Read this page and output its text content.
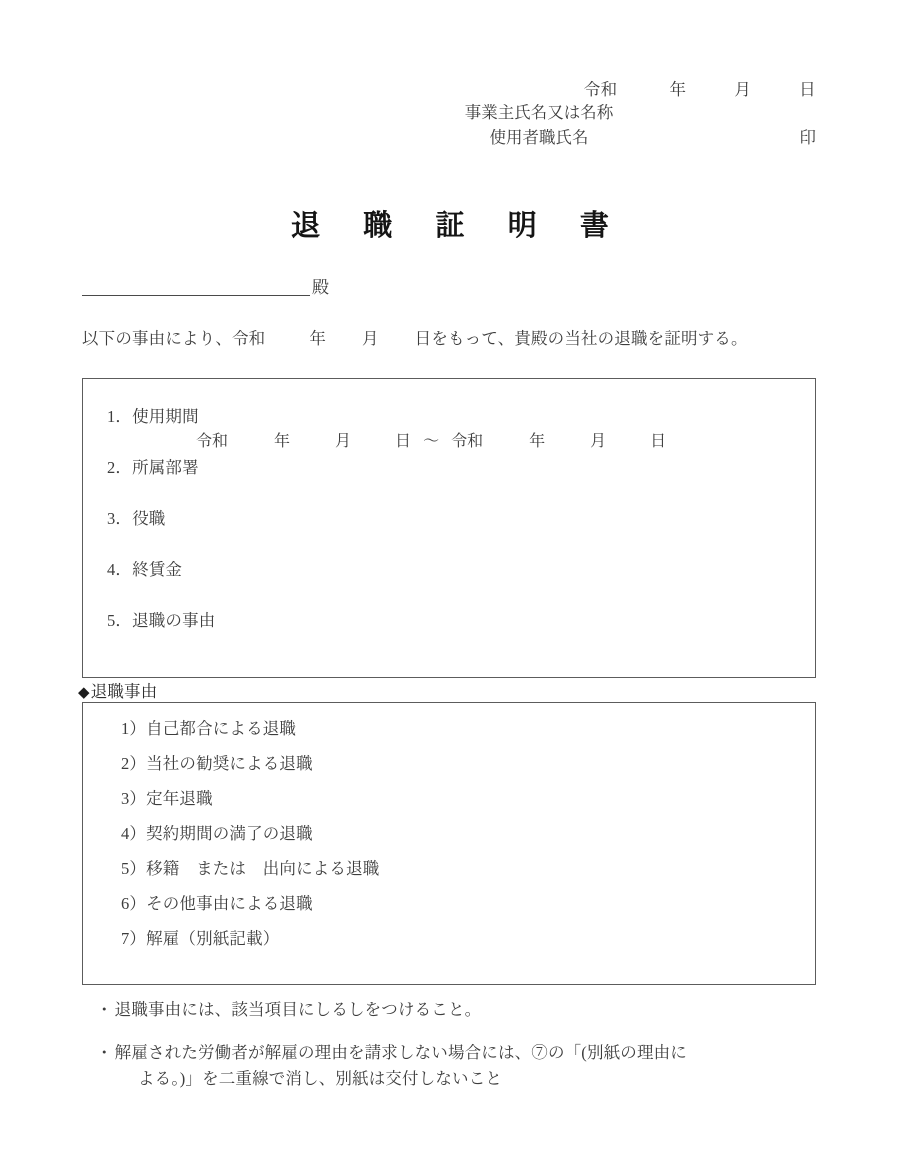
令和	年	月	日
事業主氏名又は名称
使用者職氏名	印
退 職 証 明 書
殿
以下の事由により、令和	年 月 日をもって、貴殿の当社の退職を証明する。
1．使用期間
令和	年	月	日 ～ 令和	年	月	日
2．所属部署
3．役職
4．終賃金
5．退職の事由
◆退職事由
1）自己都合による退職
2）当社の勧奨による退職
3）定年退職
4）契約期間の満了の退職
5）移籍　または　出向による退職
6）その他事由による退職
7）解雇（別紙記載）
・ 退職事由には、該当項目にしるしをつけること。
・ 解雇された労働者が解雇の理由を請求しない場合には、⑦の「(別紙の理由に
よる。)」を二重線で消し、別紙は交付しないこと
